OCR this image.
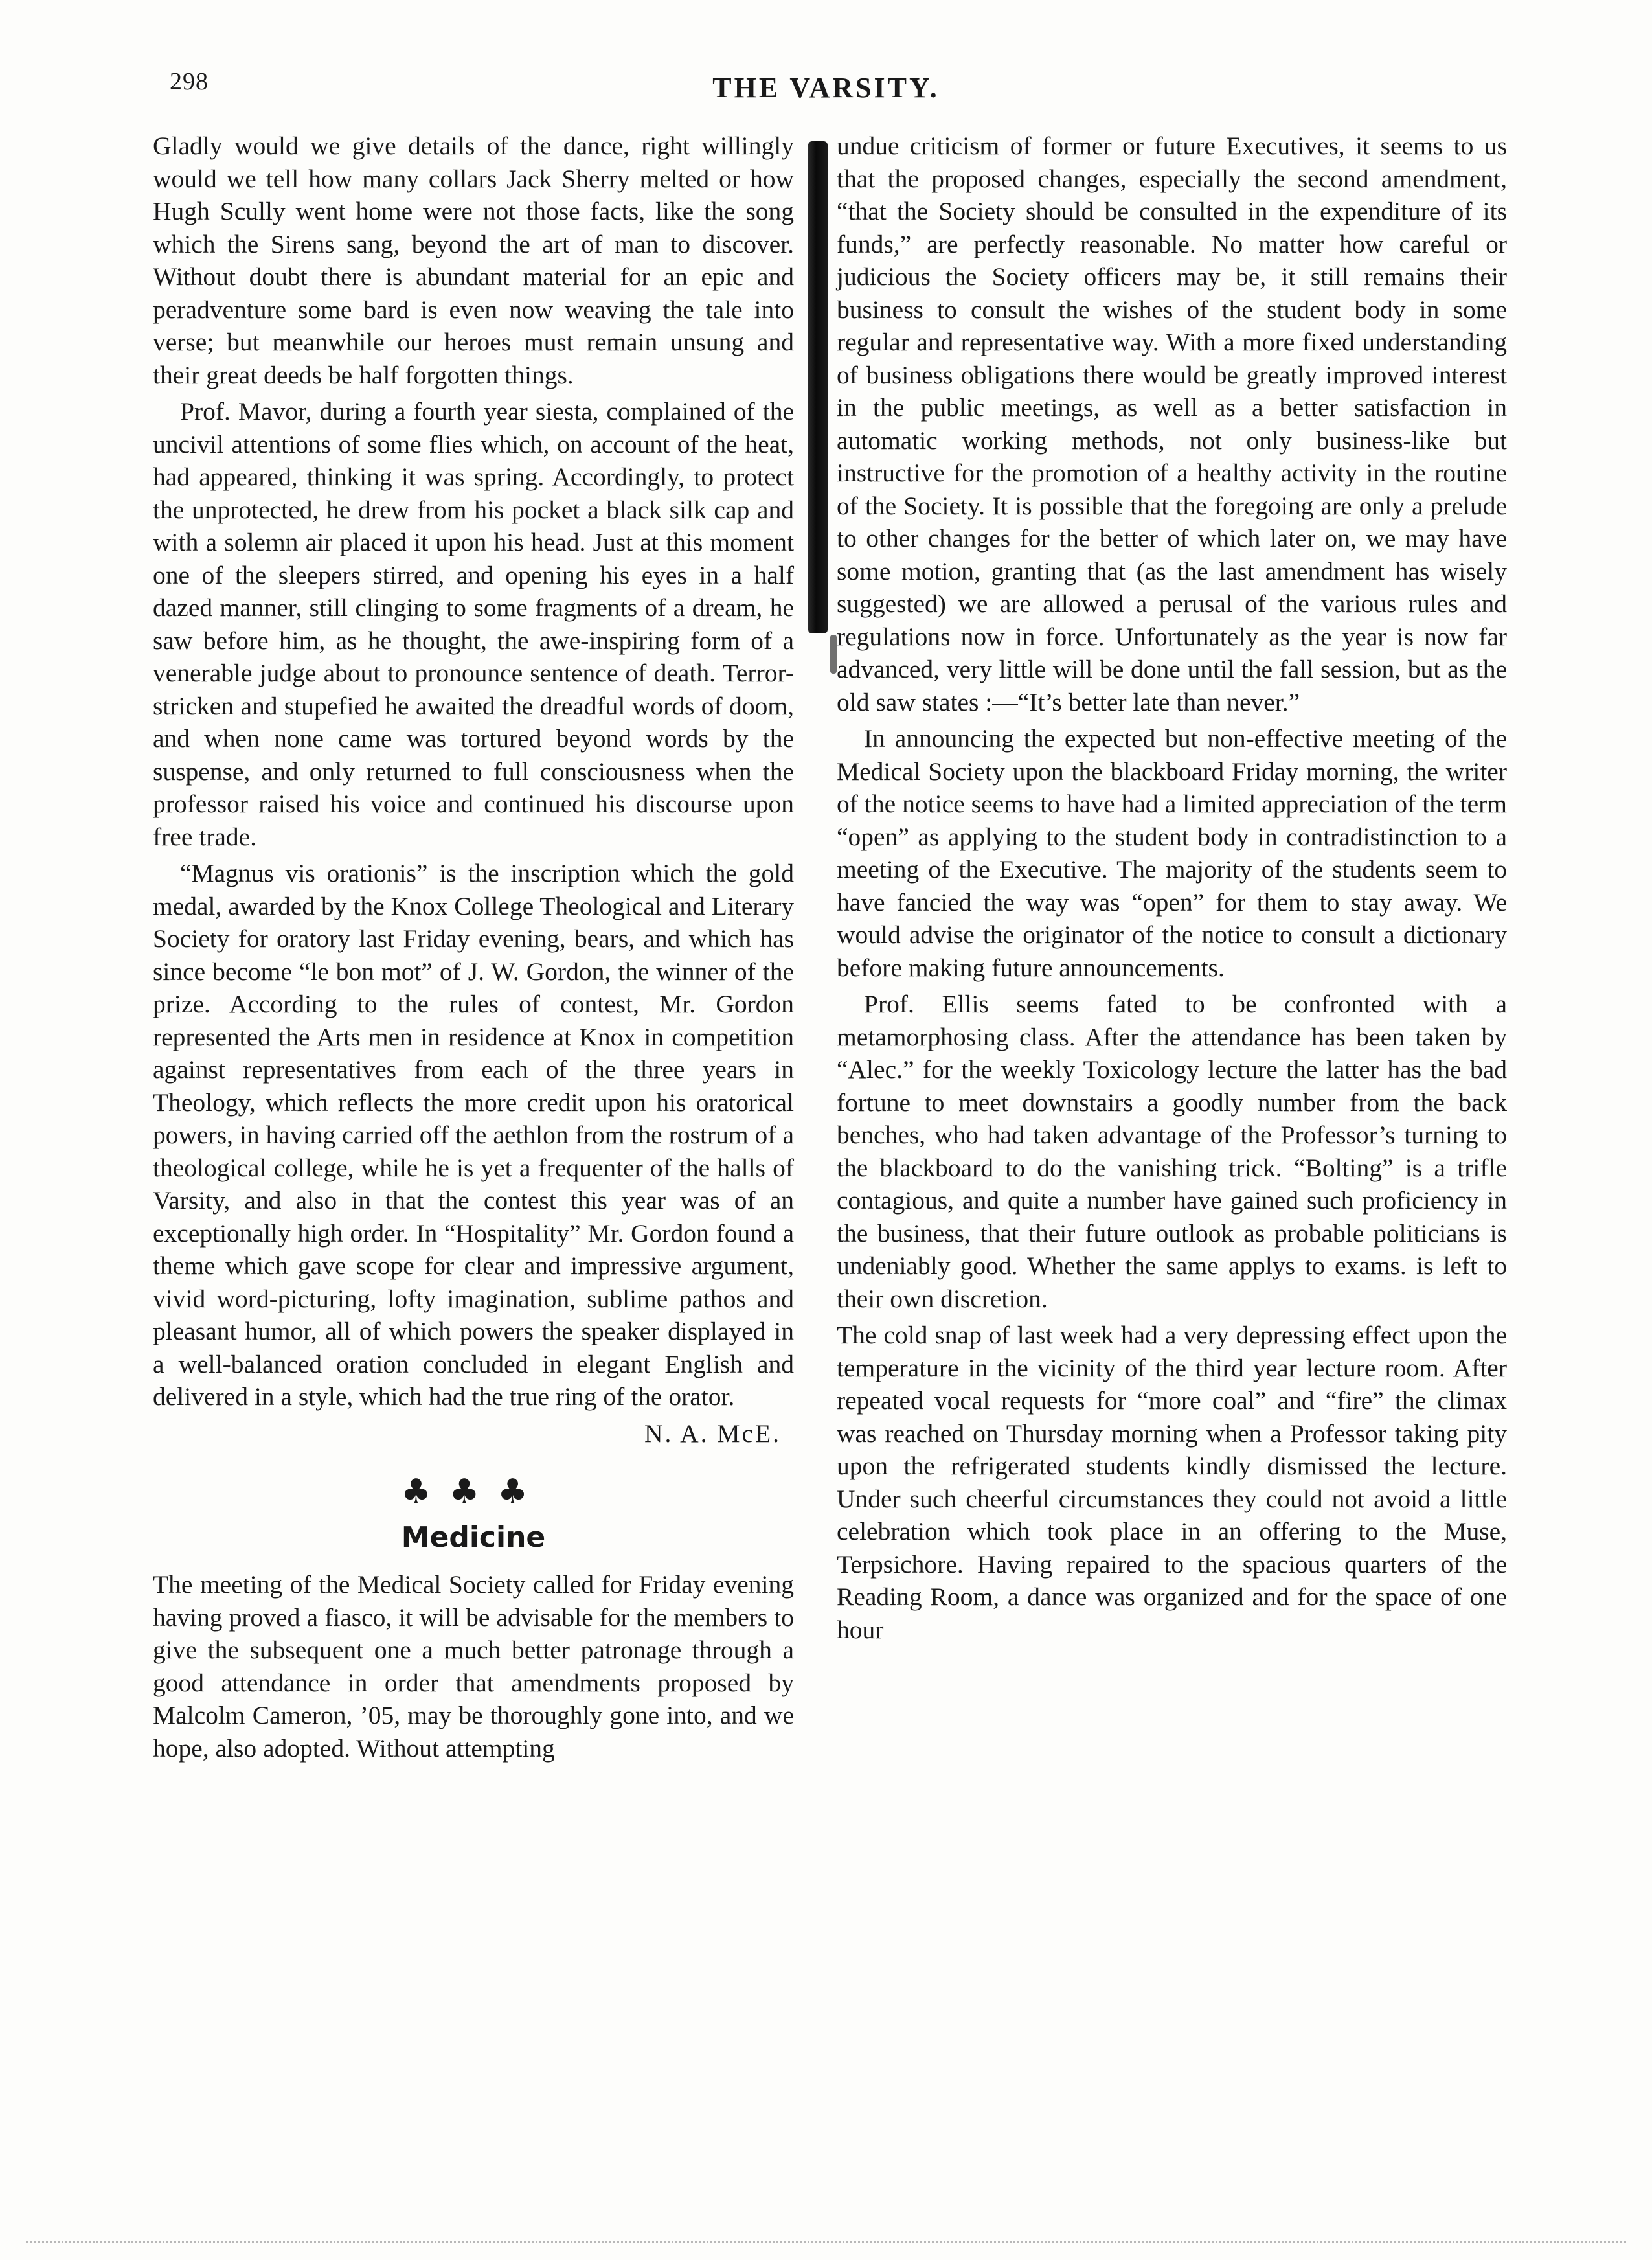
298	THE VARSITY.

Gladly would we give details of the dance, right willingly would we tell how many collars Jack Sherry melted or how Hugh Scully went home were not those facts, like the song which the Sirens sang, beyond the art of man to discover. Without doubt there is abundant material for an epic and peradventure some bard is even now weaving the tale into verse; but meanwhile our heroes must remain unsung and their great deeds be half forgotten things.

Prof. Mavor, during a fourth year siesta, complained of the uncivil attentions of some flies which, on account of the heat, had appeared, thinking it was spring. Accordingly, to protect the unprotected, he drew from his pocket a black silk cap and with a solemn air placed it upon his head. Just at this moment one of the sleepers stirred, and opening his eyes in a half dazed manner, still clinging to some fragments of a dream, he saw before him, as he thought, the awe-inspiring form of a venerable judge about to pronounce sentence of death. Terror-stricken and stupefied he awaited the dreadful words of doom, and when none came was tortured beyond words by the suspense, and only returned to full consciousness when the professor raised his voice and continued his discourse upon free trade.

“Magnus vis orationis” is the inscription which the gold medal, awarded by the Knox College Theological and Literary Society for oratory last Friday evening, bears, and which has since become “le bon mot” of J. W. Gordon, the winner of the prize. According to the rules of contest, Mr. Gordon represented the Arts men in residence at Knox in competition against representatives from each of the three years in Theology, which reflects the more credit upon his oratorical powers, in having carried off the aethlon from the rostrum of a theological college, while he is yet a frequenter of the halls of Varsity, and also in that the contest this year was of an exceptionally high order. In “Hospitality” Mr. Gordon found a theme which gave scope for clear and impressive argument, vivid word-picturing, lofty imagination, sublime pathos and pleasant humor, all of which powers the speaker displayed in a well-balanced oration concluded in elegant English and delivered in a style, which had the true ring of the orator.

N. A. McE.
♣♣♣
Medicine

The meeting of the Medical Society called for Friday evening having proved a fiasco, it will be advisable for the members to give the subsequent one a much better patronage through a good attendance in order that amendments proposed by Malcolm Cameron, ’05, may be thoroughly gone into, and we hope, also adopted. Without attempting

undue criticism of former or future Executives, it seems to us that the proposed changes, especially the second amendment, “that the Society should be consulted in the expenditure of its funds,” are perfectly reasonable. No matter how careful or judicious the Society officers may be, it still remains their business to consult the wishes of the student body in some regular and representative way. With a more fixed understanding of business obligations there would be greatly improved interest in the public meetings, as well as a better satisfaction in automatic working methods, not only business-like but instructive for the promotion of a healthy activity in the routine of the Society. It is possible that the foregoing are only a prelude to other changes for the better of which later on, we may have some motion, granting that (as the last amendment has wisely suggested) we are allowed a perusal of the various rules and regulations now in force. Unfortunately as the year is now far advanced, very little will be done until the fall session, but as the old saw states :—“It’s better late than never.”

In announcing the expected but non-effective meeting of the Medical Society upon the blackboard Friday morning, the writer of the notice seems to have had a limited appreciation of the term “open” as applying to the student body in contradistinction to a meeting of the Executive. The majority of the students seem to have fancied the way was “open” for them to stay away. We would advise the originator of the notice to consult a dictionary before making future announcements.

Prof. Ellis seems fated to be confronted with a metamorphosing class. After the attendance has been taken by “Alec.” for the weekly Toxicology lecture the latter has the bad fortune to meet downstairs a goodly number from the back benches, who had taken advantage of the Professor’s turning to the blackboard to do the vanishing trick. “Bolting” is a trifle contagious, and quite a number have gained such proficiency in the business, that their future outlook as probable politicians is undeniably good. Whether the same applys to exams. is left to their own discretion.

The cold snap of last week had a very depressing effect upon the temperature in the vicinity of the third year lecture room. After repeated vocal requests for “more coal” and “fire” the climax was reached on Thursday morning when a Professor taking pity upon the refrigerated students kindly dismissed the lecture. Under such cheerful circumstances they could not avoid a little celebration which took place in an offering to the Muse, Terpsichore. Having repaired to the spacious quarters of the Reading Room, a dance was organized and for the space of one hour
